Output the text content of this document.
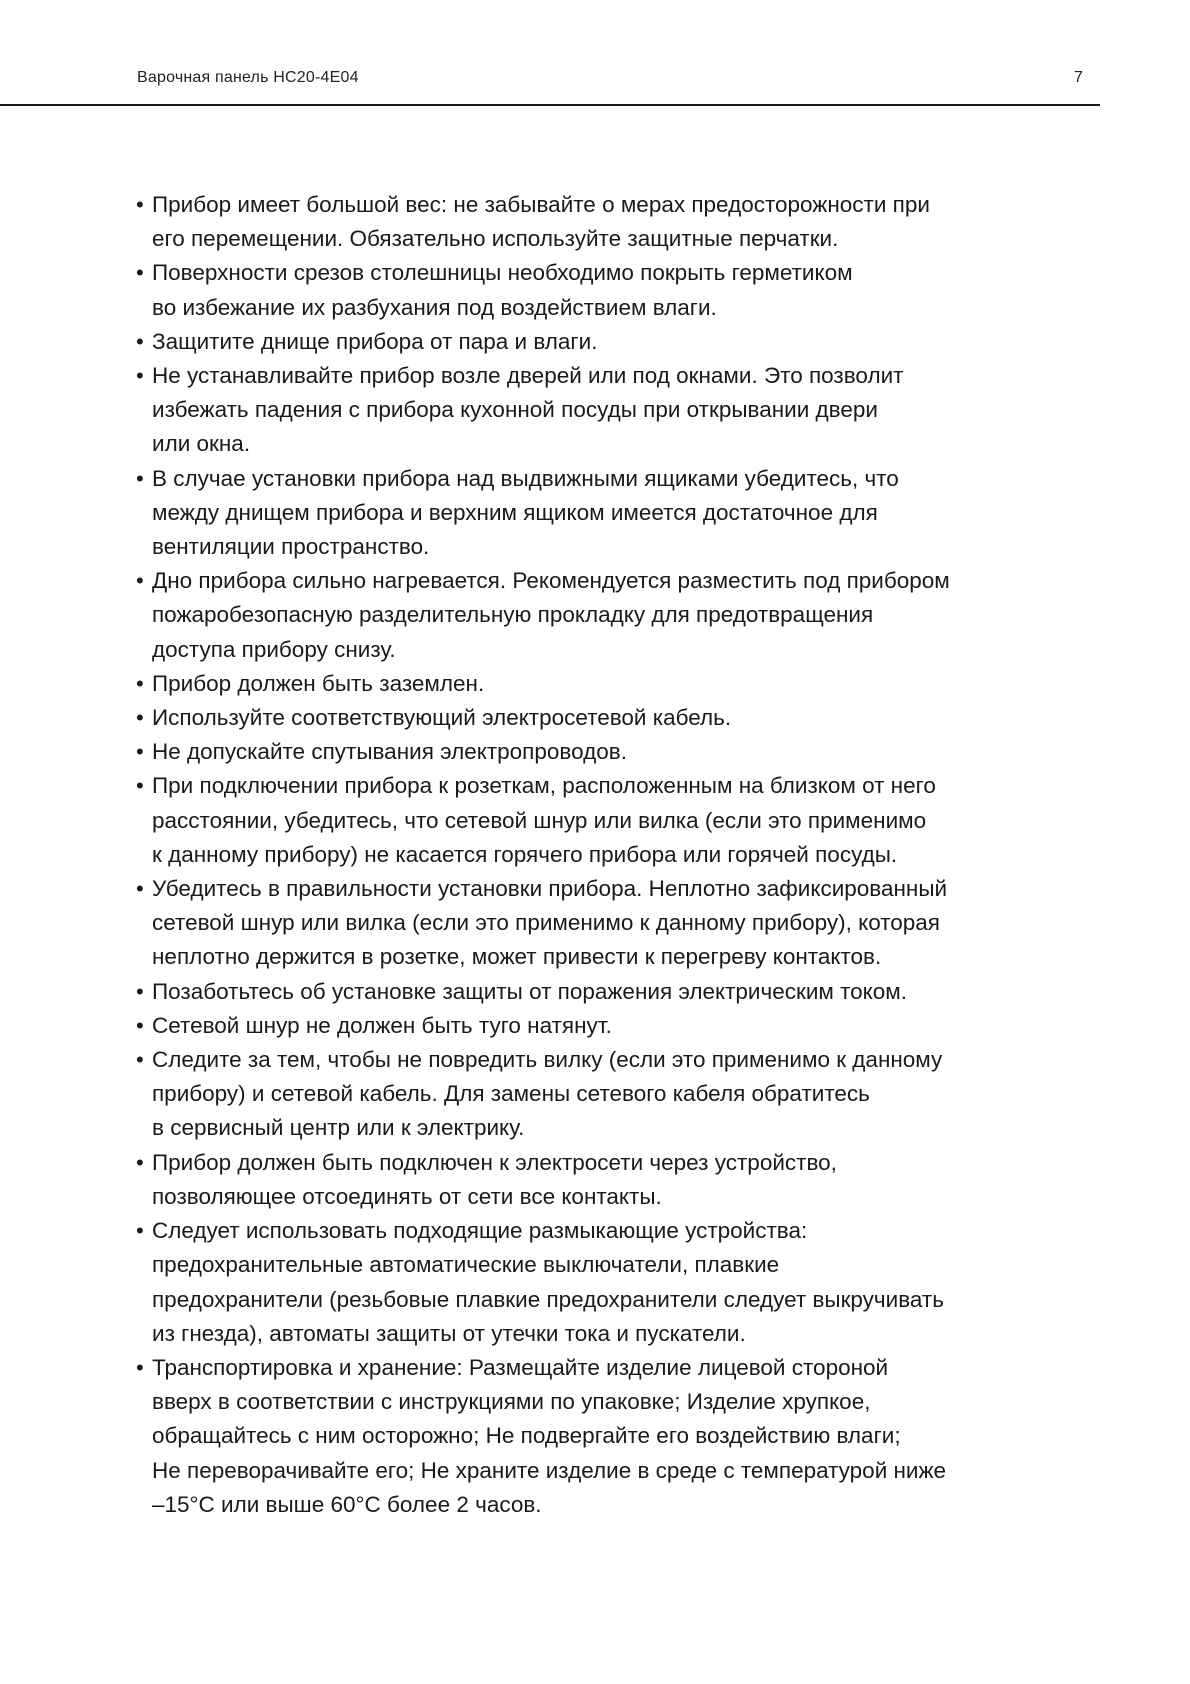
Варочная панель HC20-4E04	7
• Прибор имеет большой вес: не забывайте о мерах предосторожности при
его перемещении. Обязательно используйте защитные перчатки.
• Поверхности срезов столешницы необходимо покрыть герметиком
во избежание их разбухания под воздействием влаги.
• Защитите днище прибора от пара и влаги.
• Не устанавливайте прибор возле дверей или под окнами. Это позволит
избежать падения с прибора кухонной посуды при открывании двери
или окна.
• В случае установки прибора над выдвижными ящиками убедитесь, что
между днищем прибора и верхним ящиком имеется достаточное для
вентиляции пространство.
• Дно прибора сильно нагревается. Рекомендуется разместить под прибором
пожаробезопасную разделительную прокладку для предотвращения
доступа прибору снизу.
• Прибор должен быть заземлен.
• Используйте соответствующий электросетевой кабель.
• Не допускайте спутывания электропроводов.
• При подключении прибора к розеткам, расположенным на близком от него
расстоянии, убедитесь, что сетевой шнур или вилка (если это применимо
к данному прибору) не касается горячего прибора или горячей посуды.
• Убедитесь в правильности установки прибора. Неплотно зафиксированный
сетевой шнур или вилка (если это применимо к данному прибору), которая
неплотно держится в розетке, может привести к перегреву контактов.
• Позаботьтесь об установке защиты от поражения электрическим током.
• Сетевой шнур не должен быть туго натянут.
• Следите за тем, чтобы не повредить вилку (если это применимо к данному
прибору) и сетевой кабель. Для замены сетевого кабеля обратитесь
в сервисный центр или к электрику.
• Прибор должен быть подключен к электросети через устройство,
позволяющее отсоединять от сети все контакты.
• Следует использовать подходящие размыкающие устройства:
предохранительные автоматические выключатели, плавкие
предохранители (резьбовые плавкие предохранители следует выкручивать
из гнезда), автоматы защиты от утечки тока и пускатели.
• Транспортировка и хранение: Размещайте изделие лицевой стороной
вверх в соответствии с инструкциями по упаковке; Изделие хрупкое,
обращайтесь с ним осторожно; Не подвергайте его воздействию влаги;
Не переворачивайте его; Не храните изделие в среде с температурой ниже
–15°C или выше 60°C более 2 часов.
